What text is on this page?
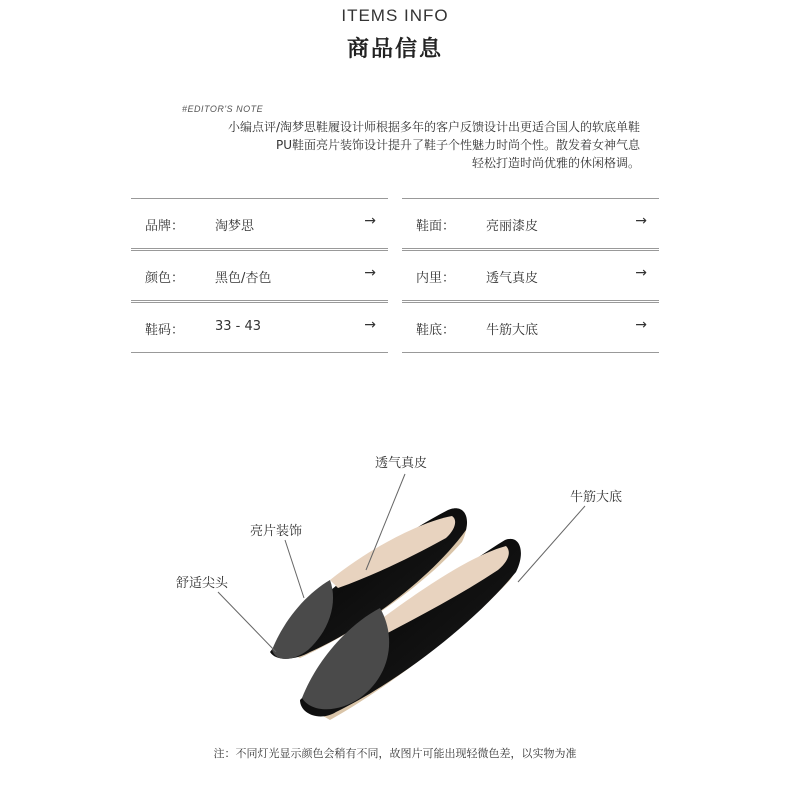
ITEMS INFO
商品信息
#EDITOR'S NOTE
小编点评/淘梦思鞋履设计师根据多年的客户反馈设计出更适合国人的软底单鞋
PU鞋面亮片装饰设计提升了鞋子个性魅力时尚个性。散发着女神气息
轻松打造时尚优雅的休闲格调。
品牌： 淘梦思	→	鞋面： 亮丽漆皮	→
颜色： 黑色/杏色	→	内里： 透气真皮	→
鞋码： 33 - 43	→	鞋底： 牛筋大底	→
透气真皮
牛筋大底
亮片装饰
舒适尖头
注：不同灯光显示颜色会稍有不同，故图片可能出现轻微色差，以实物为准
